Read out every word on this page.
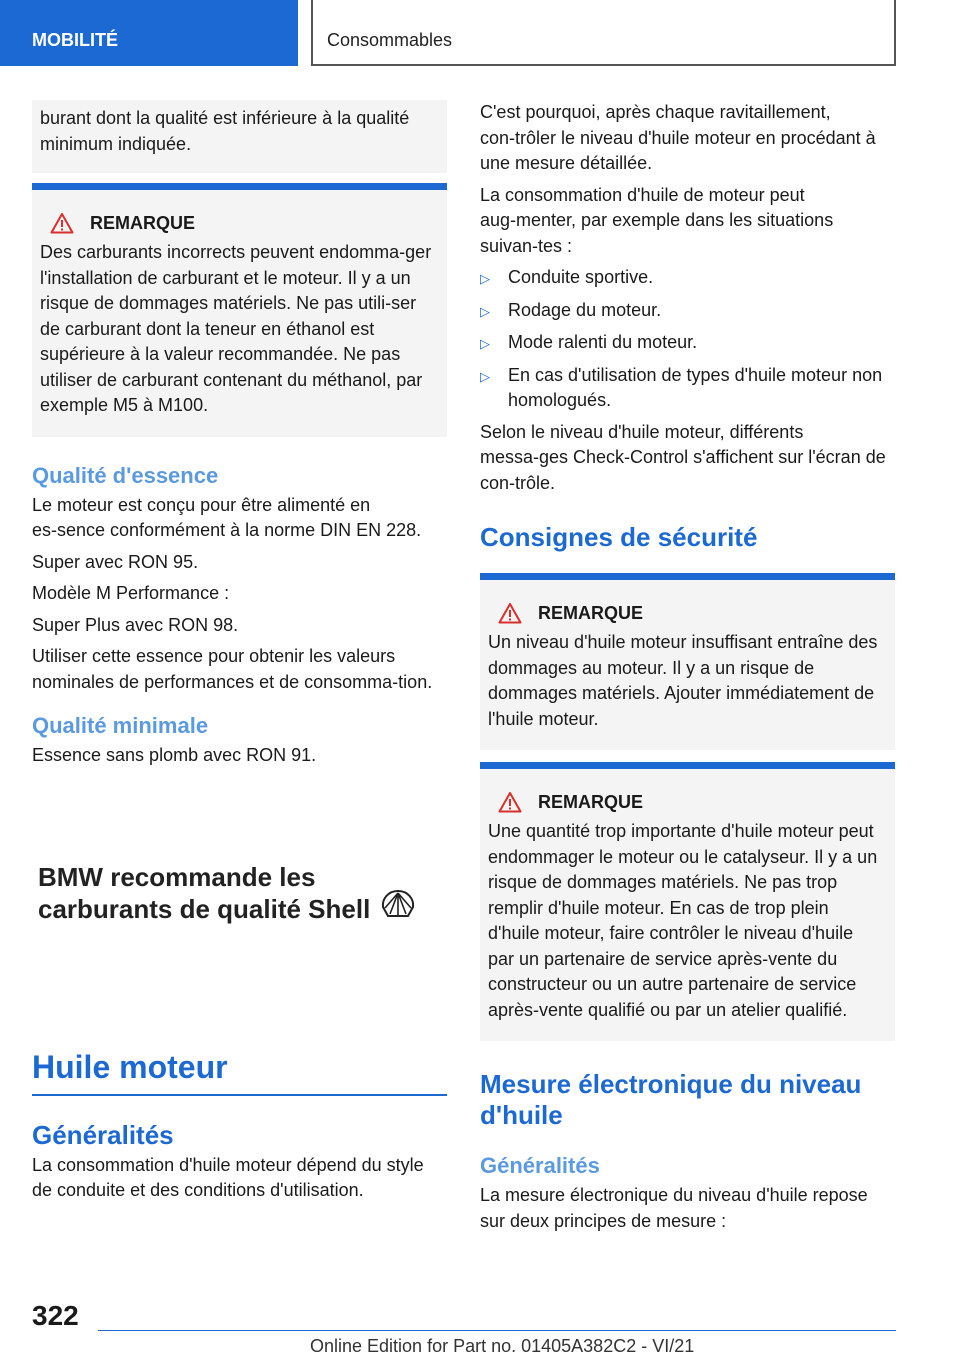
MOBILITÉ	Consommables

burant dont la qualité est inférieure à la qualité minimum indiquée.

REMARQUE

Des carburants incorrects peuvent endomma‑ger l'installation de carburant et le moteur. Il y a un risque de dommages matériels. Ne pas utili‑ser de carburant dont la teneur en éthanol est supérieure à la valeur recommandée. Ne pas utiliser de carburant contenant du méthanol, par exemple M5 à M100.

Qualité d'essence

Le moteur est conçu pour être alimenté en es‑sence conformément à la norme DIN EN 228.

Super avec RON 95.

Modèle M Performance :

Super Plus avec RON 98.

Utiliser cette essence pour obtenir les valeurs nominales de performances et de consomma‑tion.

Qualité minimale

Essence sans plomb avec RON 91.

BMW recommande les
carburants de qualité Shell
Huile moteur
Généralités

La consommation d'huile moteur dépend du style de conduite et des conditions d'utilisation.

C'est pourquoi, après chaque ravitaillement, con‑trôler le niveau d'huile moteur en procédant à une mesure détaillée.

La consommation d'huile de moteur peut aug‑menter, par exemple dans les situations suivan‑tes :

▷	Conduite sportive.
▷	Rodage du moteur.
▷	Mode ralenti du moteur.
▷	En cas d'utilisation de types d'huile moteur non homologués.

Selon le niveau d'huile moteur, différents messa‑ges Check-Control s'affichent sur l'écran de con‑trôle.

Consignes de sécurité
REMARQUE

Un niveau d'huile moteur insuffisant entraîne des dommages au moteur. Il y a un risque de dommages matériels. Ajouter immédiatement de l'huile moteur.

REMARQUE

Une quantité trop importante d'huile moteur peut endommager le moteur ou le catalyseur. Il y a un risque de dommages matériels. Ne pas trop remplir d'huile moteur. En cas de trop plein d'huile moteur, faire contrôler le niveau d'huile par un partenaire de service après-vente du constructeur ou un autre partenaire de service après-vente qualifié ou par un atelier qualifié.

Mesure électronique du niveau d'huile
Généralités

La mesure électronique du niveau d'huile repose sur deux principes de mesure :

322
Online Edition for Part no. 01405A382C2 - VI/21
